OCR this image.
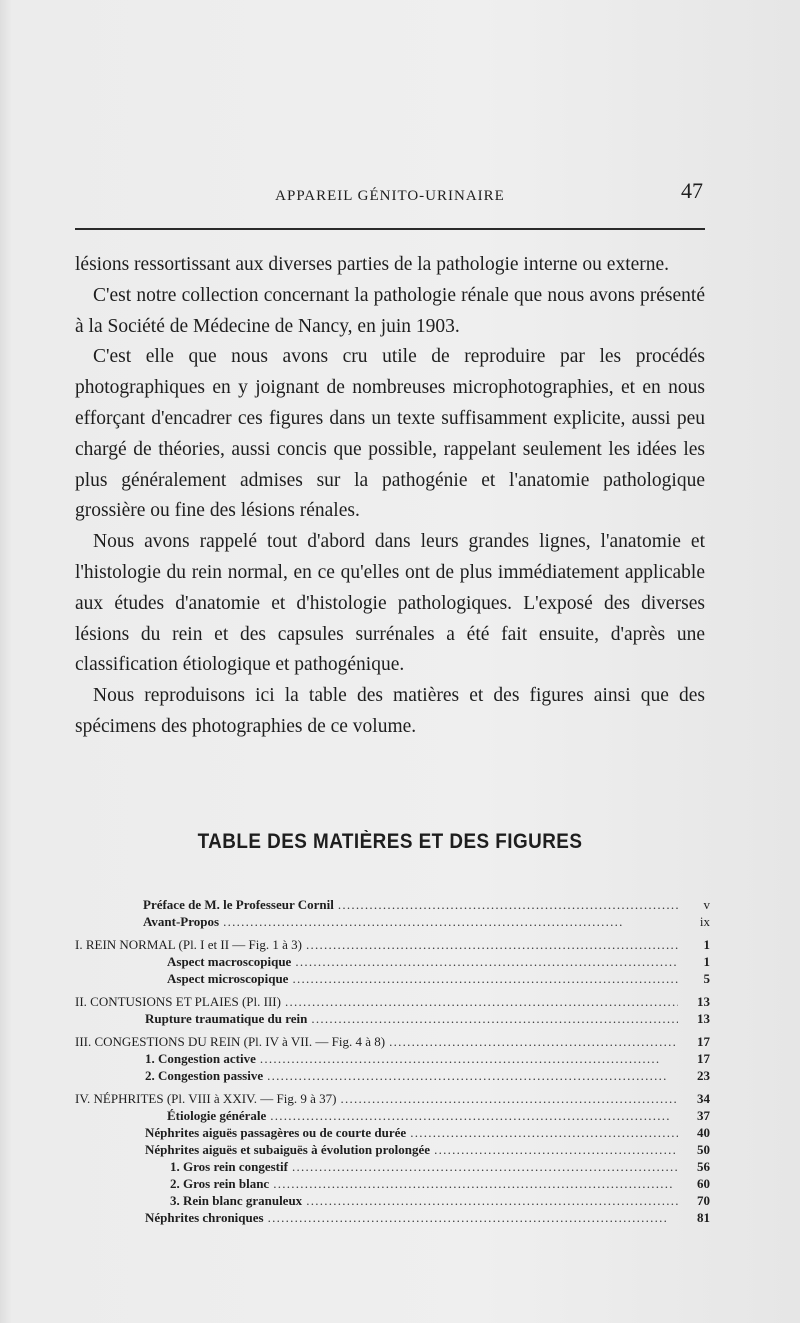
APPAREIL GÉNITO-URINAIRE	47

lésions ressortissant aux diverses parties de la pathologie interne ou externe.

C'est notre collection concernant la pathologie rénale que nous avons présenté à la Société de Médecine de Nancy, en juin 1903.

C'est elle que nous avons cru utile de reproduire par les procédés photographiques en y joignant de nombreuses microphotographies, et en nous efforçant d'encadrer ces figures dans un texte suffisamment explicite, aussi peu chargé de théories, aussi concis que possible, rappelant seulement les idées les plus généralement admises sur la pathogénie et l'anatomie pathologique grossière ou fine des lésions rénales.

Nous avons rappelé tout d'abord dans leurs grandes lignes, l'anatomie et l'histologie du rein normal, en ce qu'elles ont de plus immédiatement applicable aux études d'anatomie et d'histologie pathologiques. L'exposé des diverses lésions du rein et des capsules surrénales a été fait ensuite, d'après une classification étiologique et pathogénique.

Nous reproduisons ici la table des matières et des figures ainsi que des spécimens des photographies de ce volume.

TABLE DES MATIÈRES ET DES FIGURES
Préface de M. le Professeur Cornil . . .	v
Avant-Propos . . .	ix
I. REIN NORMAL (Pl. I et II — Fig. 1 à 3) . . .	1
Aspect macroscopique . . .	1
Aspect microscopique . . .	5
II. CONTUSIONS ET PLAIES (Pl. III) . . .	13
Rupture traumatique du rein . . .	13
III. CONGESTIONS DU REIN (Pl. IV à VII. — Fig. 4 à 8) . . .	17
1. Congestion active . . .	17
2. Congestion passive . . .	23
IV. NÉPHRITES (Pl. VIII à XXIV. — Fig. 9 à 37) . . .	34
Étiologie générale . . .	37
Néphrites aiguës passagères ou de courte durée . . .	40
Néphrites aiguës et subaiguës à évolution prolongée . . .	50
1. Gros rein congestif . . .	56
2. Gros rein blanc . . .	60
3. Rein blanc granuleux . . .	70
Néphrites chroniques . . .	81
